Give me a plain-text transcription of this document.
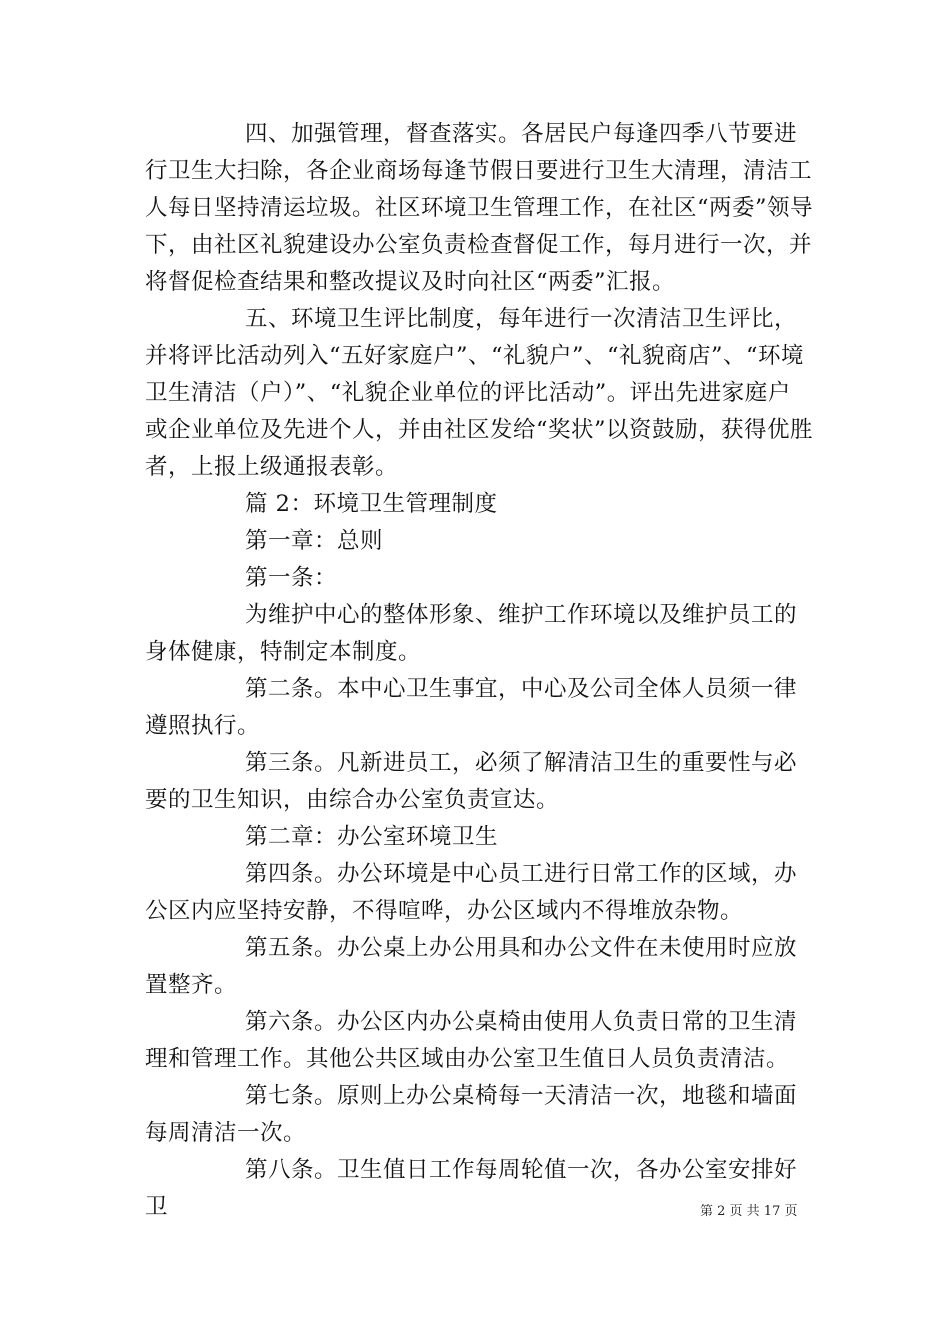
四、加强管理，督查落实。各居民户每逢四季八节要进行卫生大扫除，各企业商场每逢节假日要进行卫生大清理，清洁工人每日坚持清运垃圾。社区环境卫生管理工作，在社区“两委”领导下，由社区礼貌建设办公室负责检查督促工作，每月进行一次，并将督促检查结果和整改提议及时向社区“两委”汇报。

五、环境卫生评比制度，每年进行一次清洁卫生评比，并将评比活动列入“五好家庭户”、“礼貌户”、“礼貌商店”、“环境卫生清洁（户）”、“礼貌企业单位的评比活动”。评出先进家庭户或企业单位及先进个人，并由社区发给“奖状”以资鼓励，获得优胜者，上报上级通报表彰。

篇 2：环境卫生管理制度

第一章：总则

第一条：

为维护中心的整体形象、维护工作环境以及维护员工的身体健康，特制定本制度。

第二条。本中心卫生事宜，中心及公司全体人员须一律遵照执行。

第三条。凡新进员工，必须了解清洁卫生的重要性与必要的卫生知识，由综合办公室负责宣达。

第二章：办公室环境卫生

第四条。办公环境是中心员工进行日常工作的区域，办公区内应坚持安静，不得喧哗，办公区域内不得堆放杂物。

第五条。办公桌上办公用具和办公文件在未使用时应放置整齐。

第六条。办公区内办公桌椅由使用人负责日常的卫生清理和管理工作。其他公共区域由办公室卫生值日人员负责清洁。

第七条。原则上办公桌椅每一天清洁一次，地毯和墙面每周清洁一次。

第八条。卫生值日工作每周轮值一次，各办公室安排好卫	第 2 页 共 17 页
